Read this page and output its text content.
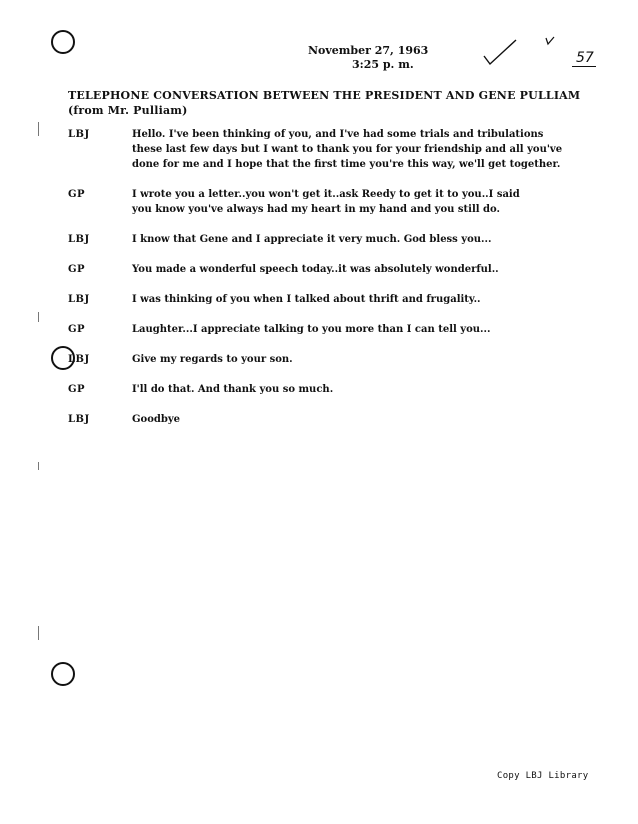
November 27, 1963
3:25 p. m.	57
TELEPHONE CONVERSATION BETWEEN THE PRESIDENT AND GENE PULLIAM
(from Mr. Pulliam)
LBJ	Hello. I've been thinking of you, and I've had some trials and tribulations
these last few days but I want to thank you for your friendship and all you've
done for me and I hope that the first time you're this way, we'll get together.
GP	I wrote you a letter..you won't get it..ask Reedy to get it to you..I said
you know you've always had my heart in my hand and you still do.
LBJ	I know that Gene and I appreciate it very much. God bless you...
GP	You made a wonderful speech today..it was absolutely wonderful..
LBJ	I was thinking of you when I talked about thrift and frugality..
GP	Laughter...I appreciate talking to you more than I can tell you...
LBJ	Give my regards to your son.
GP	I'll do that. And thank you so much.
LBJ	Goodbye
Copy LBJ Library
